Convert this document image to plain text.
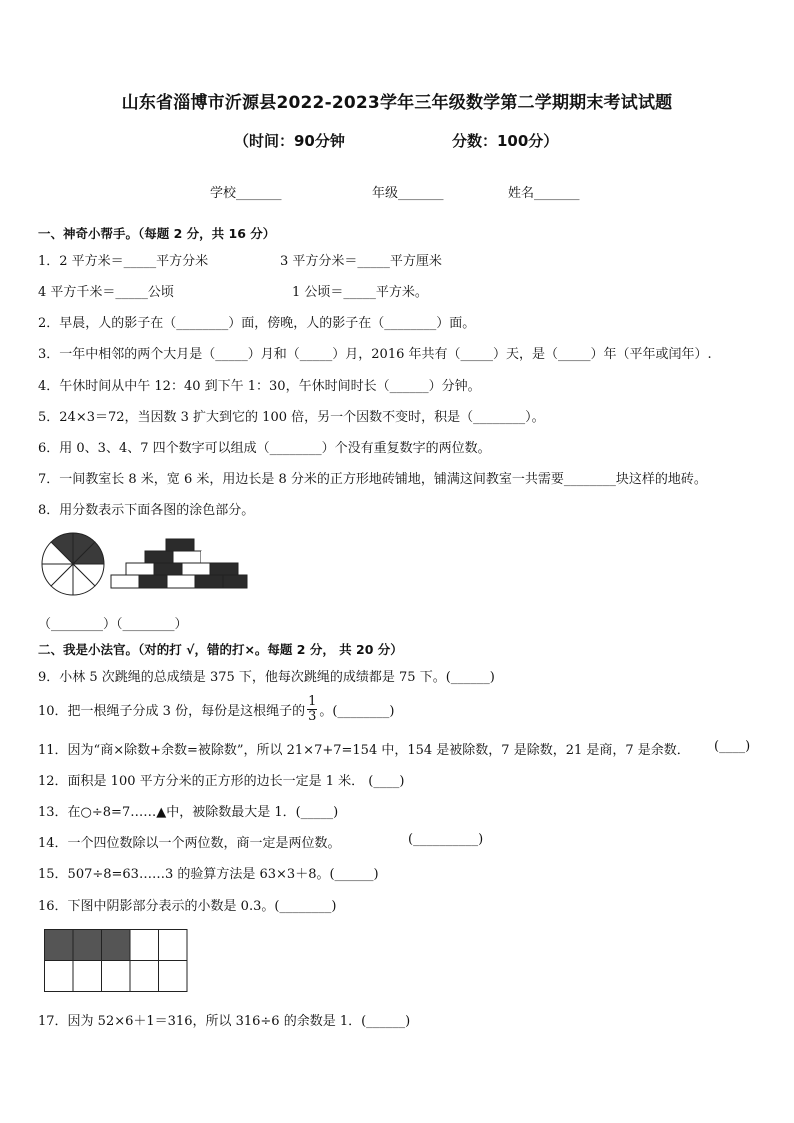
山东省淄博市沂源县2022-2023学年三年级数学第二学期期末考试试题
（时间：90分钟	分数：100分）
学校_______	年级_______	姓名_______
一、神奇小帮手。（每题 2 分，共 16 分）
1．2 平方米＝_____平方分米	3 平方分米＝_____平方厘米
4 平方千米＝_____公顷	1 公顷＝_____平方米。
2．早晨，人的影子在（________）面，傍晚，人的影子在（________）面。
3．一年中相邻的两个大月是（_____）月和（_____）月，2016 年共有（_____）天，是（_____）年（平年或闰年）.
4．午休时间从中午 12：40 到下午 1：30，午休时间时长（______）分钟。
5．24×3＝72，当因数 3 扩大到它的 100 倍，另一个因数不变时，积是（________）。
6．用 0、3、4、7 四个数字可以组成（________）个没有重复数字的两位数。
7．一间教室长 8 米，宽 6 米，用边长是 8 分米的正方形地砖铺地，铺满这间教室一共需要________块这样的地砖。
8．用分数表示下面各图的涂色部分。
（________）（________）
二、我是小法官。（对的打 √，错的打×。每题 2 分， 共 20 分）
9．小林 5 次跳绳的总成绩是 375 下，他每次跳绳的成绩都是 75 下。(______)
10．把一根绳子分成 3 份，每份是这根绳子的 $\frac{1}{3}$ 。(________)
11．因为“商×除数+余数=被除数”，所以 21×7+7=154 中，154 是被除数，7 是除数，21 是商，7 是余数． (____)
12．面积是 100 平方分米的正方形的边长一定是 1 米． (____)
13．在○÷8=7……▲中，被除数最大是 1．(_____)
14．一个四位数除以一个两位数，商一定是两位数。	(__________)
15．507÷8=63……3 的验算方法是 63×3＋8。(______)
16．下图中阴影部分表示的小数是 0.3。(________)
17．因为 52×6＋1＝316，所以 316÷6 的余数是 1．(______)
